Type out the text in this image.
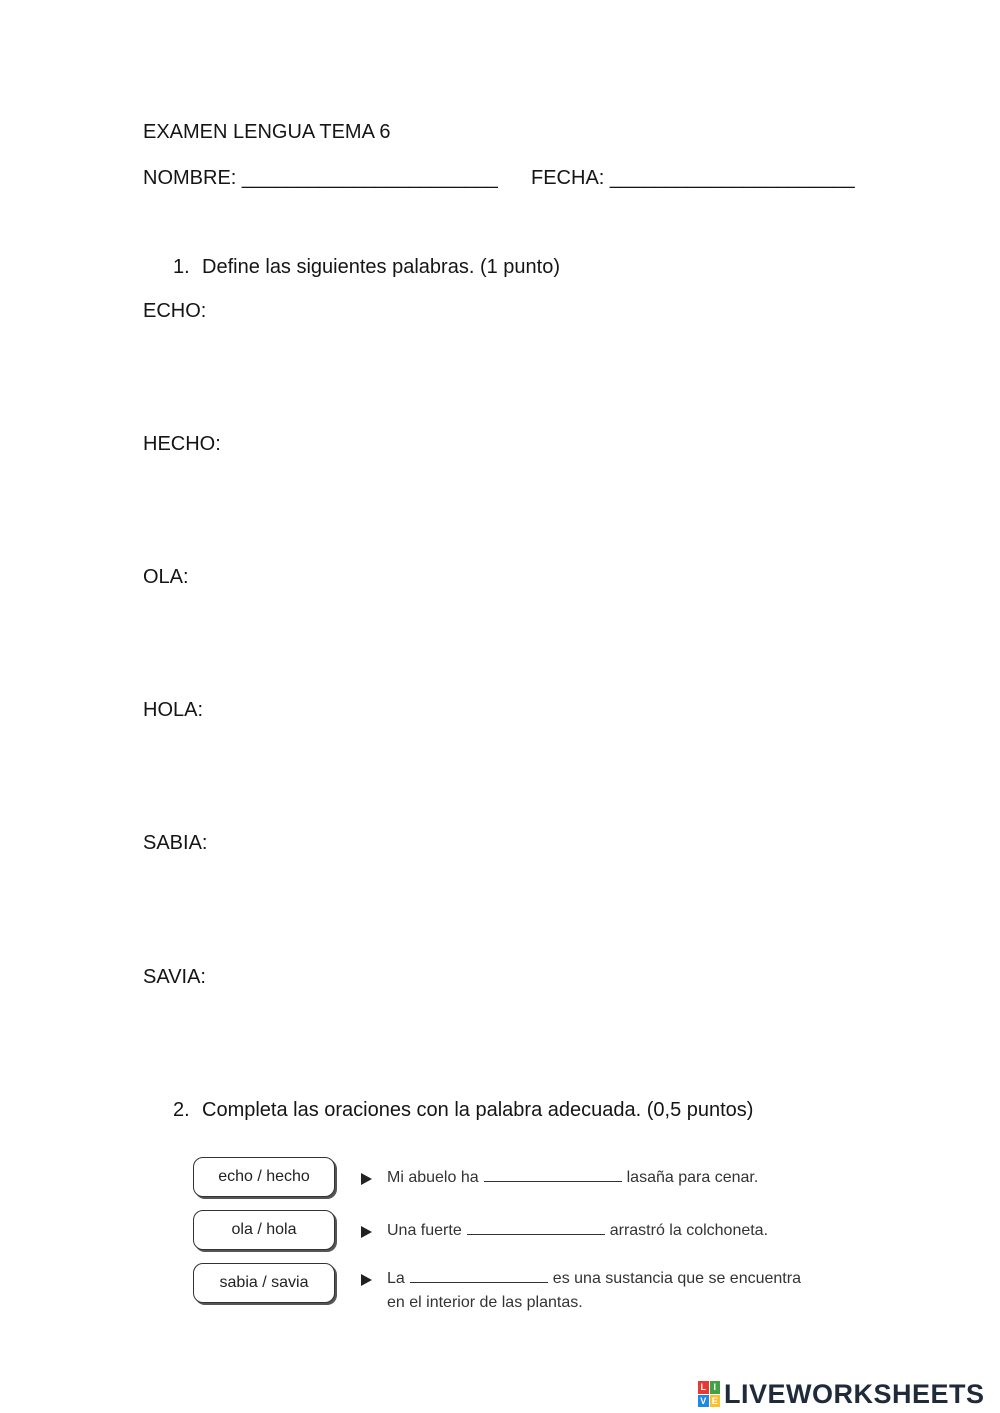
EXAMEN LENGUA TEMA 6
NOMBRE: _______________________ FECHA: ______________________
1. Define las siguientes palabras. (1 punto)
ECHO:
HECHO:
OLA:
HOLA:
SABIA:
SAVIA:
2. Completa las oraciones con la palabra adecuada. (0,5 puntos)
echo / hecho	Mi abuelo ha	lasaña para cenar.
ola / hola	Una fuerte	arrastró la colchoneta.
sabia / savia	La	es una sustancia que se encuentra
en el interior de las plantas.
L I
V E LIVEWORKSHEETS
